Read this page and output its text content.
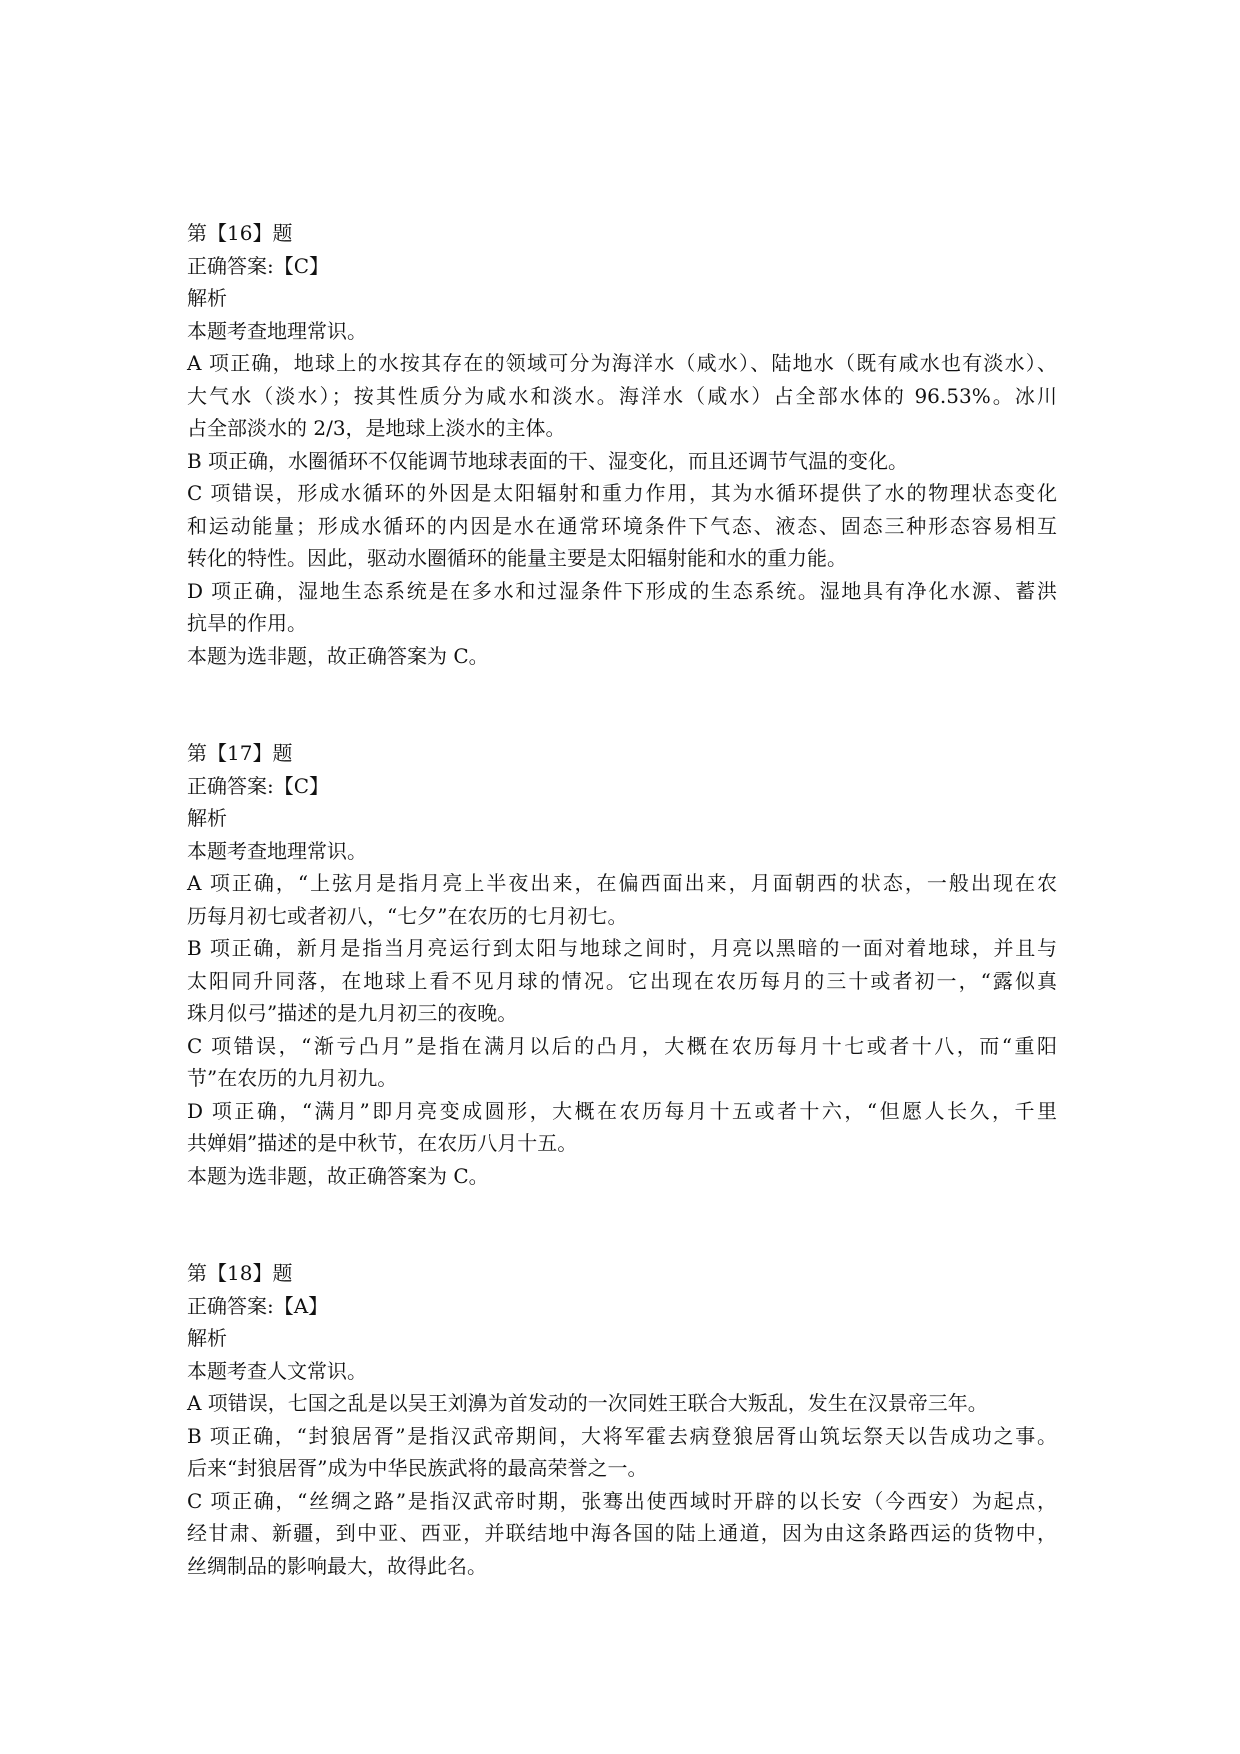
第【16】题
正确答案:【C】
解析
本题考查地理常识。
A 项正确，地球上的水按其存在的领域可分为海洋水（咸水）、陆地水（既有咸水也有淡水）、
大气水（淡水）；按其性质分为咸水和淡水。海洋水（咸水）占全部水体的 96.53%。冰川
占全部淡水的 2/3，是地球上淡水的主体。
B 项正确，水圈循环不仅能调节地球表面的干、湿变化，而且还调节气温的变化。
C 项错误，形成水循环的外因是太阳辐射和重力作用，其为水循环提供了水的物理状态变化
和运动能量；形成水循环的内因是水在通常环境条件下气态、液态、固态三种形态容易相互
转化的特性。因此，驱动水圈循环的能量主要是太阳辐射能和水的重力能。
D 项正确，湿地生态系统是在多水和过湿条件下形成的生态系统。湿地具有净化水源、蓄洪
抗旱的作用。
本题为选非题，故正确答案为 C。
第【17】题
正确答案:【C】
解析
本题考查地理常识。
A 项正确，“上弦月是指月亮上半夜出来，在偏西面出来，月面朝西的状态，一般出现在农
历每月初七或者初八，“七夕”在农历的七月初七。
B 项正确，新月是指当月亮运行到太阳与地球之间时，月亮以黑暗的一面对着地球，并且与
太阳同升同落，在地球上看不见月球的情况。它出现在农历每月的三十或者初一，“露似真
珠月似弓”描述的是九月初三的夜晚。
C 项错误，“渐亏凸月”是指在满月以后的凸月，大概在农历每月十七或者十八，而“重阳
节”在农历的九月初九。
D 项正确，“满月”即月亮变成圆形，大概在农历每月十五或者十六，“但愿人长久，千里
共婵娟”描述的是中秋节，在农历八月十五。
本题为选非题，故正确答案为 C。
第【18】题
正确答案:【A】
解析
本题考查人文常识。
A 项错误，七国之乱是以吴王刘濞为首发动的一次同姓王联合大叛乱，发生在汉景帝三年。
B 项正确，“封狼居胥”是指汉武帝期间，大将军霍去病登狼居胥山筑坛祭天以告成功之事。
后来“封狼居胥”成为中华民族武将的最高荣誉之一。
C 项正确，“丝绸之路”是指汉武帝时期，张骞出使西域时开辟的以长安（今西安）为起点，
经甘肃、新疆，到中亚、西亚，并联结地中海各国的陆上通道，因为由这条路西运的货物中，
丝绸制品的影响最大，故得此名。
